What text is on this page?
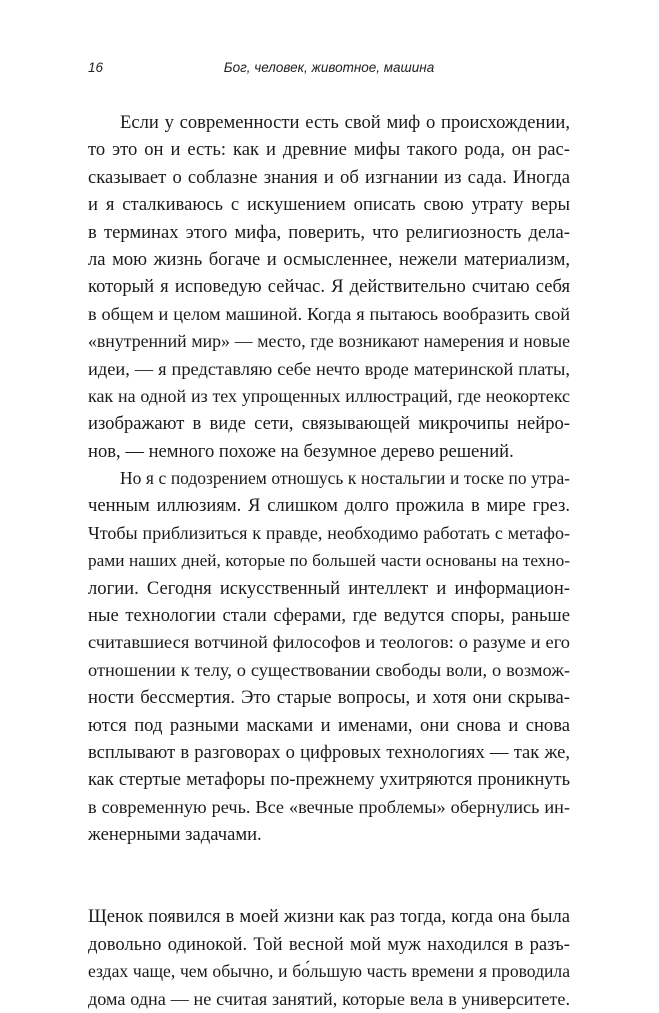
16	Бог, человек, животное, машина
Если у современности есть свой миф о происхождении,
то это он и есть: как и древние мифы такого рода, он рас-
сказывает о соблазне знания и об изгнании из сада. Иногда
и я сталкиваюсь с искушением описать свою утрату веры
в терминах этого мифа, поверить, что религиозность дела-
ла мою жизнь богаче и осмысленнее, нежели материализм,
который я исповедую сейчас. Я действительно считаю себя
в общем и целом машиной. Когда я пытаюсь вообразить свой
«внутренний мир» — место, где возникают намерения и новые
идеи, — я представляю себе нечто вроде материнской платы,
как на одной из тех упрощенных иллюстраций, где неокортекс
изображают в виде сети, связывающей микрочипы нейро-
нов, — немного похоже на безумное дерево решений.
Но я с подозрением отношусь к ностальгии и тоске по утра-
ченным иллюзиям. Я слишком долго прожила в мире грез.
Чтобы приблизиться к правде, необходимо работать с метафо-
рами наших дней, которые по большей части основаны на техно-
логии. Сегодня искусственный интеллект и информацион-
ные технологии стали сферами, где ведутся споры, раньше
считавшиеся вотчиной философов и теологов: о разуме и его
отношении к телу, о существовании свободы воли, о возмож-
ности бессмертия. Это старые вопросы, и хотя они скрыва-
ются под разными масками и именами, они снова и снова
всплывают в разговорах о цифровых технологиях — так же,
как стертые метафоры по-прежнему ухитряются проникнуть
в современную речь. Все «вечные проблемы» обернулись ин-
женерными задачами.
Щенок появился в моей жизни как раз тогда, когда она была
довольно одинокой. Той весной мой муж находился в разъ-
ездах чаще, чем обычно, и бо́льшую часть времени я проводила
дома одна — не считая занятий, которые вела в университете.
